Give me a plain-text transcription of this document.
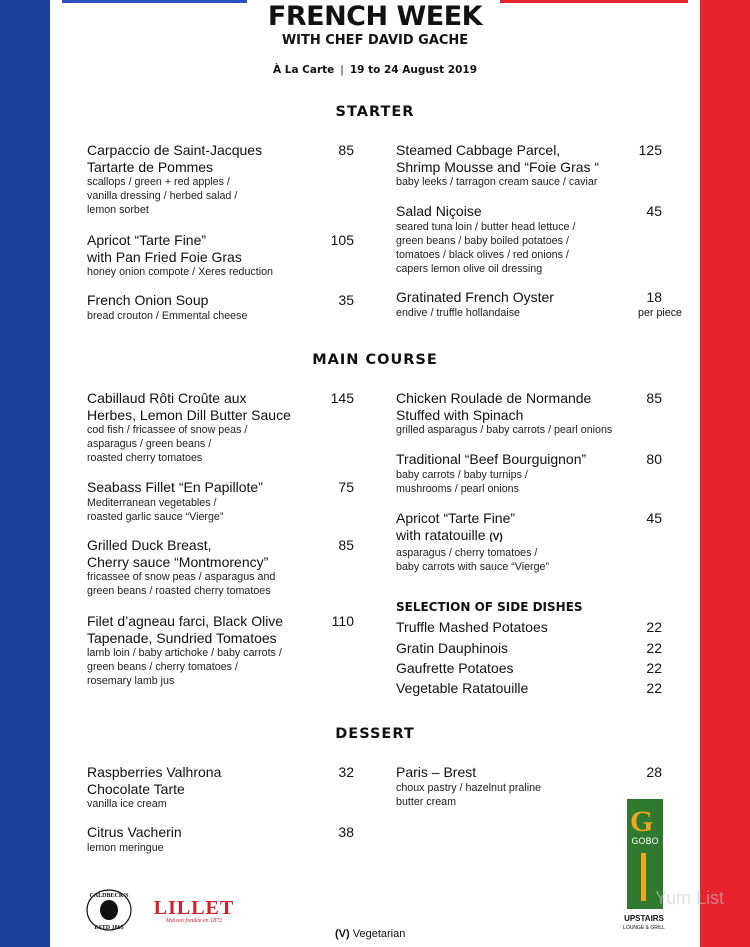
FRENCH WEEK
WITH CHEF DAVID GACHE
À La Carte | 19 to 24 August 2019
STARTER
MAIN COURSE
DESSERT
Carpaccio de Saint-Jacques
Tartarte de Pommes
scallops / green + red apples /
vanilla dressing / herbed salad /
lemon sorbet
85
Apricot “Tarte Fine”
with Pan Fried Foie Gras
honey onion compote / Xeres reduction
105
French Onion Soup
bread crouton / Emmental cheese
35
Steamed Cabbage Parcel,
Shrimp Mousse and “Foie Gras “
baby leeks / tarragon cream sauce / caviar
125
Salad Niçoise
seared tuna loin / butter head lettuce /
green beans / baby boiled potatoes /
tomatoes / black olives / red onions /
capers lemon olive oil dressing
45
Gratinated French Oyster
endive / truffle hollandaise
18
per piece
Cabillaud Rôti Croûte aux
Herbes, Lemon Dill Butter Sauce
cod fish / fricassee of snow peas /
asparagus / green beans /
roasted cherry tomatoes
145
Seabass Fillet “En Papillote”
Mediterranean vegetables /
roasted garlic sauce “Vierge”
75
Grilled Duck Breast,
Cherry sauce “Montmorency”
fricassee of snow peas / asparagus and
green beans / roasted cherry tomatoes
85
Filet d’agneau farci, Black Olive
Tapenade, Sundried Tomatoes
lamb loin / baby artichoke / baby carrots /
green beans / cherry tomatoes /
rosemary lamb jus
110
Chicken Roulade de Normande
Stuffed with Spinach
grilled asparagus / baby carrots / pearl onions
85
Traditional “Beef Bourguignon”
baby carrots / baby turnips /
mushrooms / pearl onions
80
Apricot “Tarte Fine”
with ratatouille (V)
asparagus / cherry tomatoes /
baby carrots with sauce “Vierge”
45
Raspberries Valhrona
Chocolate Tarte
vanilla ice cream
32
Citrus Vacherin
lemon meringue
38
Paris – Brest
choux pastry / hazelnut praline
butter cream
28
SELECTION OF SIDE DISHES
Truffle Mashed Potatoes	22
Gratin Dauphinois	22
Gaufrette Potatoes	22
Vegetable Ratatouille	22
CALDBECK'S
ESTD 1865
LILLET
Maison fondée en 1872
(V) Vegetarian
G
GOBO
UPSTAIRS
LOUNGE & GRILL
Yum List
